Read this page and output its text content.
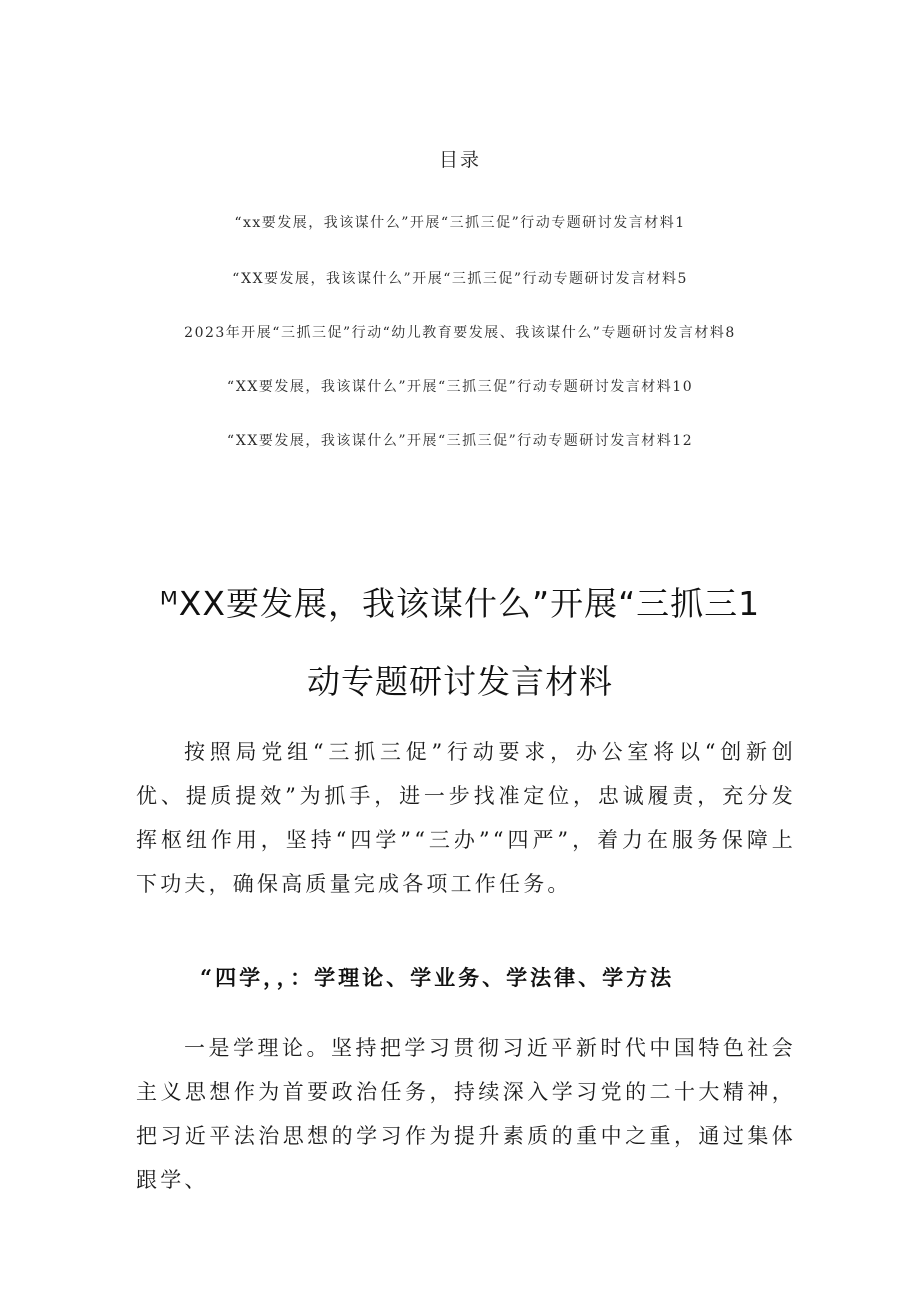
目录
“xx要发展，我该谋什么”开展“三抓三促”行动专题研讨发言材料1
“XX要发展，我该谋什么”开展“三抓三促”行动专题研讨发言材料5
2023年开展“三抓三促”行动“幼儿教育要发展、我该谋什么”专题研讨发言材料8
“XX要发展，我该谋什么”开展“三抓三促”行动专题研讨发言材料10
“XX要发展，我该谋什么”开展“三抓三促”行动专题研讨发言材料12
ᴹXX要发展，我该谋什么”开展“三抓三1
动专题研讨发言材料
按照局党组“三抓三促”行动要求，办公室将以“创新创优、提质提效”为抓手，进一步找准定位，忠诚履责，充分发挥枢纽作用，坚持“四学”“三办”“四严”，着力在服务保障上下功夫，确保高质量完成各项工作任务。
“四学，，：学理论、学业务、学法律、学方法
一是学理论。坚持把学习贯彻习近平新时代中国特色社会主义思想作为首要政治任务，持续深入学习党的二十大精神，把习近平法治思想的学习作为提升素质的重中之重，通过集体跟学、
